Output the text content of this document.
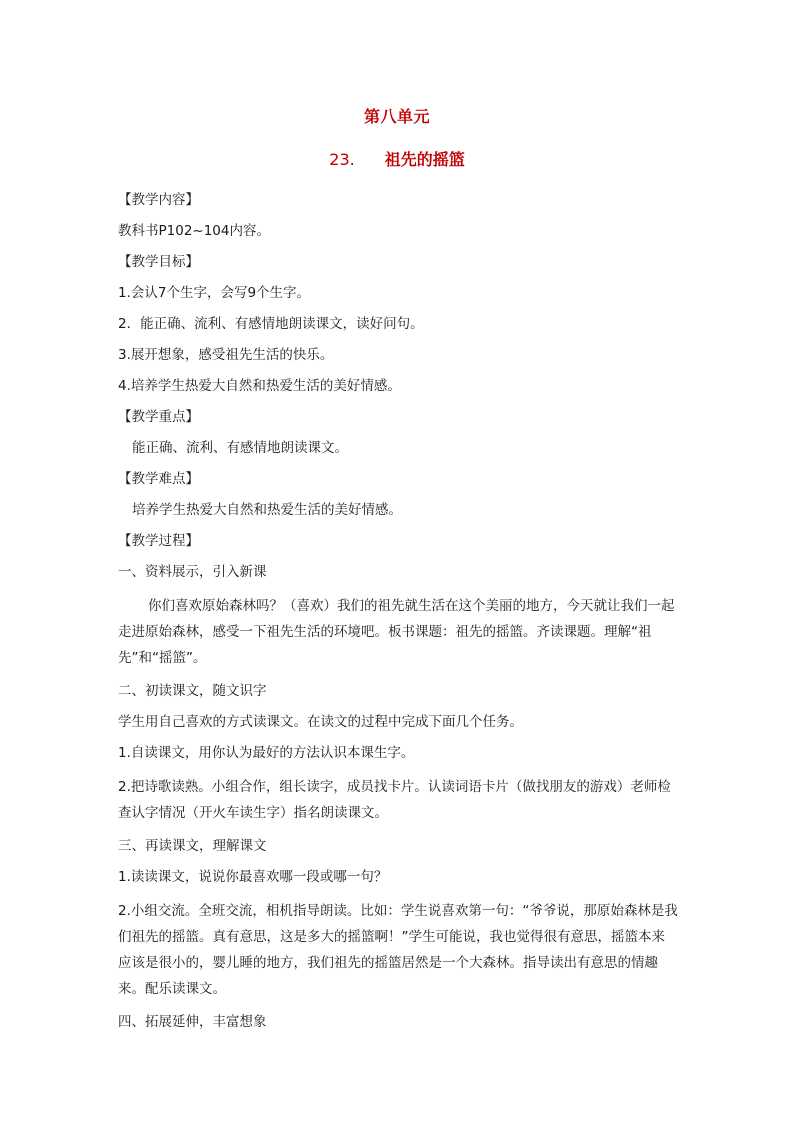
第八单元
23. 祖先的摇篮

【教学内容】

教科书P102~104内容。

【教学目标】

1.会认7个生字，会写9个生字。

2．能正确、流利、有感情地朗读课文，读好问句。

3.展开想象，感受祖先生活的快乐。

4.培养学生热爱大自然和热爱生活的美好情感。

【教学重点】

能正确、流利、有感情地朗读课文。

【教学难点】

培养学生热爱大自然和热爱生活的美好情感。

【教学过程】

一、资料展示，引入新课

你们喜欢原始森林吗？（喜欢）我们的祖先就生活在这个美丽的地方，今天就让我们一起走进原始森林，感受一下祖先生活的环境吧。板书课题：祖先的摇篮。齐读课题。理解“祖先”和“摇篮”。

二、初读课文，随文识字

学生用自己喜欢的方式读课文。在读文的过程中完成下面几个任务。

1.自读课文，用你认为最好的方法认识本课生字。

2.把诗歌读熟。小组合作，组长读字，成员找卡片。认读词语卡片（做找朋友的游戏）老师检查认字情况（开火车读生字）指名朗读课文。

三、再读课文，理解课文

1.读读课文，说说你最喜欢哪一段或哪一句？

2.小组交流。全班交流，相机指导朗读。比如：学生说喜欢第一句：“爷爷说，那原始森林是我们祖先的摇篮。真有意思，这是多大的摇篮啊！”学生可能说，我也觉得很有意思，摇篮本来应该是很小的，婴儿睡的地方，我们祖先的摇篮居然是一个大森林。指导读出有意思的情趣来。配乐读课文。

四、拓展延伸，丰富想象
